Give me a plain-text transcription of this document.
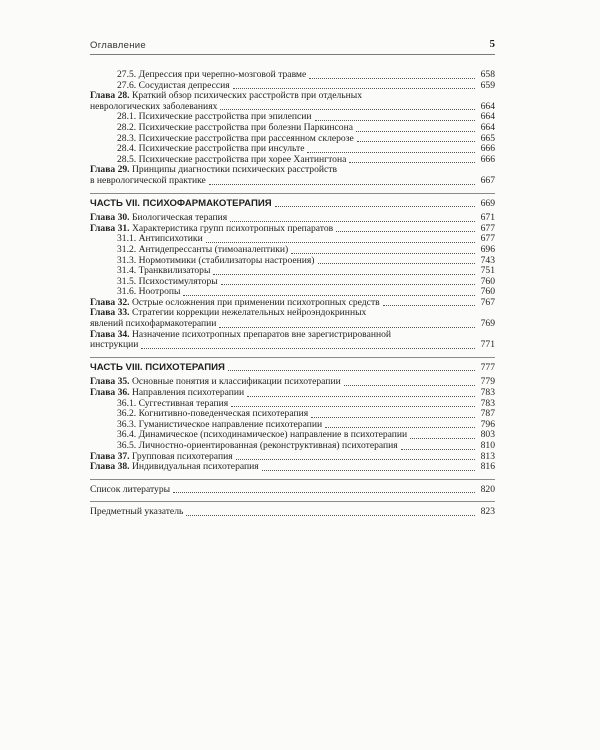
Оглавление	5
27.5. Депрессия при черепно-мозговой травме	658
27.6. Сосудистая депрессия	659
Глава 28. Краткий обзор психических расстройств при отдельных
неврологических заболеваниях	664
28.1. Психические расстройства при эпилепсии	664
28.2. Психические расстройства при болезни Паркинсона	664
28.3. Психические расстройства при рассеянном склерозе	665
28.4. Психические расстройства при инсульте	666
28.5. Психические расстройства при хорее Хантингтона	666
Глава 29. Принципы диагностики психических расстройств
в неврологической практике	667
ЧАСТЬ VII. ПСИХОФАРМАКОТЕРАПИЯ	669
Глава 30. Биологическая терапия	671
Глава 31. Характеристика групп психотропных препаратов	677
31.1. Антипсихотики	677
31.2. Антидепрессанты (тимоаналептики)	696
31.3. Нормотимики (стабилизаторы настроения)	743
31.4. Транквилизаторы	751
31.5. Психостимуляторы	760
31.6. Ноотропы	760
Глава 32. Острые осложнения при применении психотропных средств	767
Глава 33. Стратегии коррекции нежелательных нейроэндокринных
явлений психофармакотерапии	769
Глава 34. Назначение психотропных препаратов вне зарегистрированной
инструкции	771
ЧАСТЬ VIII. ПСИХОТЕРАПИЯ	777
Глава 35. Основные понятия и классификации психотерапии	779
Глава 36. Направления психотерапии	783
36.1. Суггестивная терапия	783
36.2. Когнитивно-поведенческая психотерапия	787
36.3. Гуманистическое направление психотерапии	796
36.4. Динамическое (психодинамическое) направление в психотерапии	803
36.5. Личностно-ориентированная (реконструктивная) психотерапия	810
Глава 37. Групповая психотерапия	813
Глава 38. Индивидуальная психотерапия	816
Список литературы	820
Предметный указатель	823
